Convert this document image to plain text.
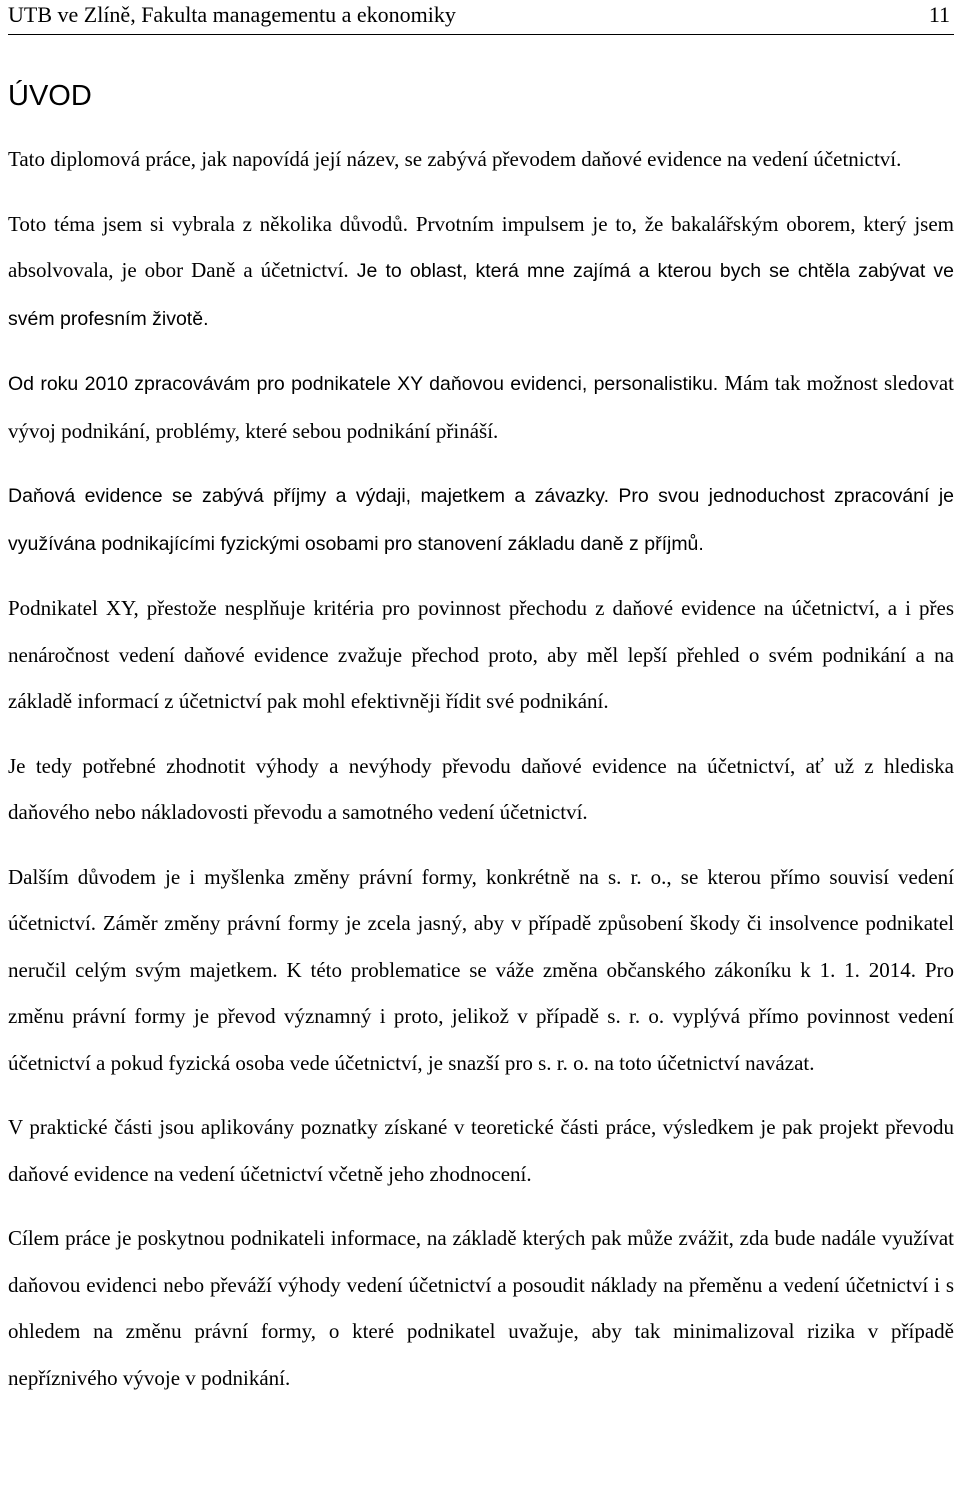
UTB ve Zlíně, Fakulta managementu a ekonomiky	11
ÚVOD

Tato diplomová práce, jak napovídá její název, se zabývá převodem daňové evidence na vedení účetnictví.

Toto téma jsem si vybrala z několika důvodů. Prvotním impulsem je to, že bakalářským oborem, který jsem absolvovala, je obor Daně a účetnictví. Je to oblast, která mne zajímá a kterou bych se chtěla zabývat ve svém profesním životě.

Od roku 2010 zpracovávám pro podnikatele XY daňovou evidenci, personalistiku. Mám tak možnost sledovat vývoj podnikání, problémy, které sebou podnikání přináší.

Daňová evidence se zabývá příjmy a výdaji, majetkem a závazky. Pro svou jednoduchost zpracování je využívána podnikajícími fyzickými osobami pro stanovení základu daně z příjmů.

Podnikatel XY, přestože nesplňuje kritéria pro povinnost přechodu z daňové evidence na účetnictví, a i přes nenáročnost vedení daňové evidence zvažuje přechod proto, aby měl lepší přehled o svém podnikání a na základě informací z účetnictví pak mohl efektivněji řídit své podnikání.

Je tedy potřebné zhodnotit výhody a nevýhody převodu daňové evidence na účetnictví, ať už z hlediska daňového nebo nákladovosti převodu a samotného vedení účetnictví.

Dalším důvodem je i myšlenka změny právní formy, konkrétně na s. r. o., se kterou přímo souvisí vedení účetnictví. Záměr změny právní formy je zcela jasný, aby v případě způsobení škody či insolvence podnikatel neručil celým svým majetkem. K této problematice se váže změna občanského zákoníku k 1. 1. 2014. Pro změnu právní formy je převod významný i proto, jelikož v případě s. r. o. vyplývá přímo povinnost vedení účetnictví a pokud fyzická osoba vede účetnictví, je snazší pro s. r. o. na toto účetnictví navázat.

V praktické části jsou aplikovány poznatky získané v teoretické části práce, výsledkem je pak projekt převodu daňové evidence na vedení účetnictví včetně jeho zhodnocení.

Cílem práce je poskytnou podnikateli informace, na základě kterých pak může zvážit, zda bude nadále využívat daňovou evidenci nebo převáží výhody vedení účetnictví a posoudit náklady na přeměnu a vedení účetnictví i s ohledem na změnu právní formy, o které podnikatel uvažuje, aby tak minimalizoval rizika v případě nepříznivého vývoje v podnikání.
